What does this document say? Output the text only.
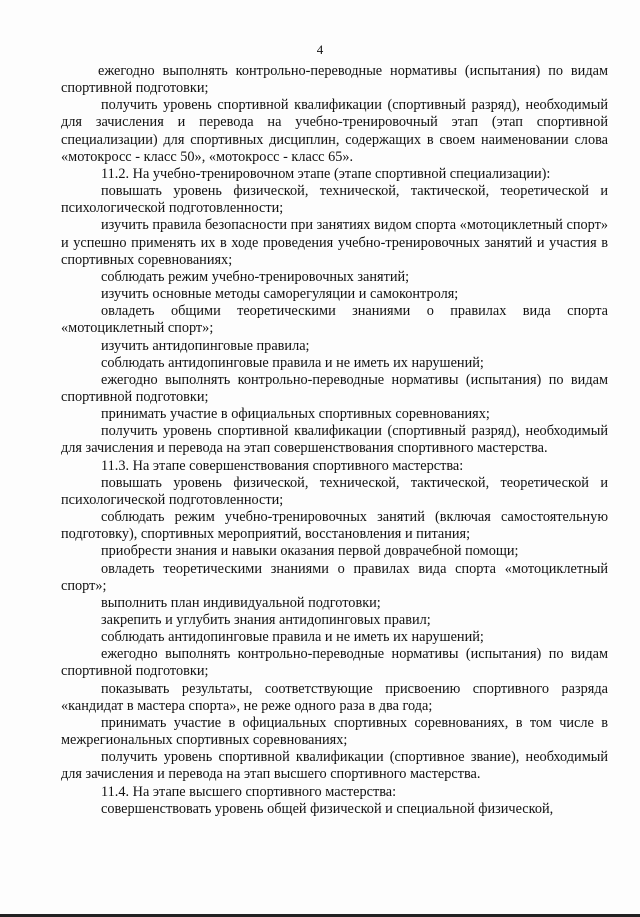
4

ежегодно выполнять контрольно-переводные нормативы (испытания) по видам спортивной подготовки;

получить уровень спортивной квалификации (спортивный разряд), необходимый для зачисления и перевода на учебно-тренировочный этап (этап спортивной специализации) для спортивных дисциплин, содержащих в своем наименовании слова «мотокросс - класс 50», «мотокросс - класс 65».

11.2. На учебно-тренировочном этапе (этапе спортивной специализации):

повышать уровень физической, технической, тактической, теоретической и психологической подготовленности;

изучить правила безопасности при занятиях видом спорта «мотоциклетный спорт» и успешно применять их в ходе проведения учебно-тренировочных занятий и участия в спортивных соревнованиях;

соблюдать режим учебно-тренировочных занятий;

изучить основные методы саморегуляции и самоконтроля;

овладеть общими теоретическими знаниями о правилах вида спорта «мотоциклетный спорт»;

изучить антидопинговые правила;

соблюдать антидопинговые правила и не иметь их нарушений;

ежегодно выполнять контрольно-переводные нормативы (испытания) по видам спортивной подготовки;

принимать участие в официальных спортивных соревнованиях;

получить уровень спортивной квалификации (спортивный разряд), необходимый для зачисления и перевода на этап совершенствования спортивного мастерства.

11.3. На этапе совершенствования спортивного мастерства:

повышать уровень физической, технической, тактической, теоретической и психологической подготовленности;

соблюдать режим учебно-тренировочных занятий (включая самостоятельную подготовку), спортивных мероприятий, восстановления и питания;

приобрести знания и навыки оказания первой доврачебной помощи;

овладеть теоретическими знаниями о правилах вида спорта «мотоциклетный спорт»;

выполнить план индивидуальной подготовки;

закрепить и углубить знания антидопинговых правил;

соблюдать антидопинговые правила и не иметь их нарушений;

ежегодно выполнять контрольно-переводные нормативы (испытания) по видам спортивной подготовки;

показывать результаты, соответствующие присвоению спортивного разряда «кандидат в мастера спорта», не реже одного раза в два года;

принимать участие в официальных спортивных соревнованиях, в том числе в межрегиональных спортивных соревнованиях;

получить уровень спортивной квалификации (спортивное звание), необходимый для зачисления и перевода на этап высшего спортивного мастерства.

11.4. На этапе высшего спортивного мастерства:

совершенствовать уровень общей физической и специальной физической,
